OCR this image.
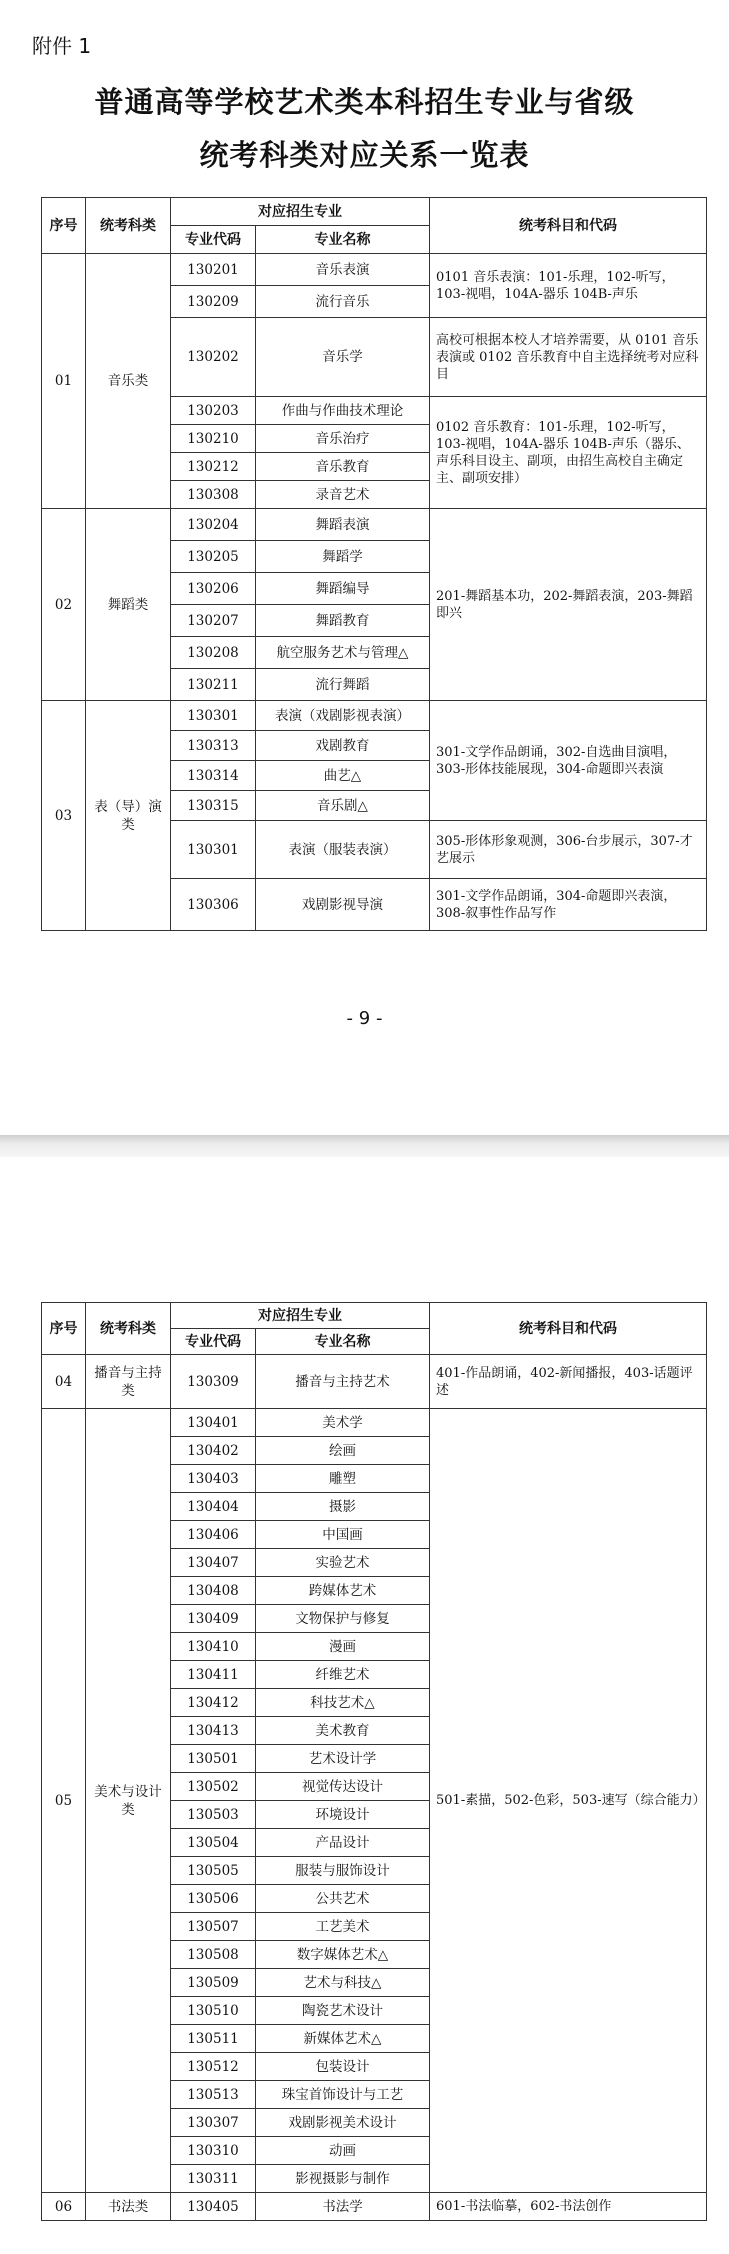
附件 1
普通高等学校艺术类本科招生专业与省级
统考科类对应关系一览表
序号	统考科类	对应招生专业		统考科目和代码
		专业代码	专业名称	
01	音乐类	130201	音乐表演	0101 音乐表演：101-乐理，102-听写，103-视唱，104A-器乐 104B-声乐
		130209	流行音乐	
		130202	音乐学	高校可根据本校人才培养需要，从 0101 音乐表演或 0102 音乐教育中自主选择统考对应科目
		130203	作曲与作曲技术理论	0102 音乐教育：101-乐理，102-听写，103-视唱，104A-器乐 104B-声乐（器乐、声乐科目设主、副项，由招生高校自主确定主、副项安排）
		130210	音乐治疗	
		130212	音乐教育	
		130308	录音艺术	
02	舞蹈类	130204	舞蹈表演	201-舞蹈基本功，202-舞蹈表演，203-舞蹈即兴
		130205	舞蹈学	
		130206	舞蹈编导	
		130207	舞蹈教育	
		130208	航空服务艺术与管理△	
		130211	流行舞蹈	
03	表（导）演类	130301	表演（戏剧影视表演）	301-文学作品朗诵，302-自选曲目演唱，303-形体技能展现，304-命题即兴表演
		130313	戏剧教育	
		130314	曲艺△	
		130315	音乐剧△	
		130301	表演（服装表演）	305-形体形象观测，306-台步展示，307-才艺展示
		130306	戏剧影视导演	301-文学作品朗诵，304-命题即兴表演，308-叙事性作品写作
- 9 -
序号	统考科类	对应招生专业		统考科目和代码
		专业代码	专业名称	
04	播音与主持类	130309	播音与主持艺术	401-作品朗诵，402-新闻播报，403-话题评述
05	美术与设计类	130401	美术学	501-素描，502-色彩，503-速写（综合能力）
		130402	绘画	
		130403	雕塑	
		130404	摄影	
		130406	中国画	
		130407	实验艺术	
		130408	跨媒体艺术	
		130409	文物保护与修复	
		130410	漫画	
		130411	纤维艺术	
		130412	科技艺术△	
		130413	美术教育	
		130501	艺术设计学	
		130502	视觉传达设计	
		130503	环境设计	
		130504	产品设计	
		130505	服装与服饰设计	
		130506	公共艺术	
		130507	工艺美术	
		130508	数字媒体艺术△	
		130509	艺术与科技△	
		130510	陶瓷艺术设计	
		130511	新媒体艺术△	
		130512	包装设计	
		130513	珠宝首饰设计与工艺	
		130307	戏剧影视美术设计	
		130310	动画	
		130311	影视摄影与制作	
06	书法类	130405	书法学	601-书法临摹，602-书法创作
